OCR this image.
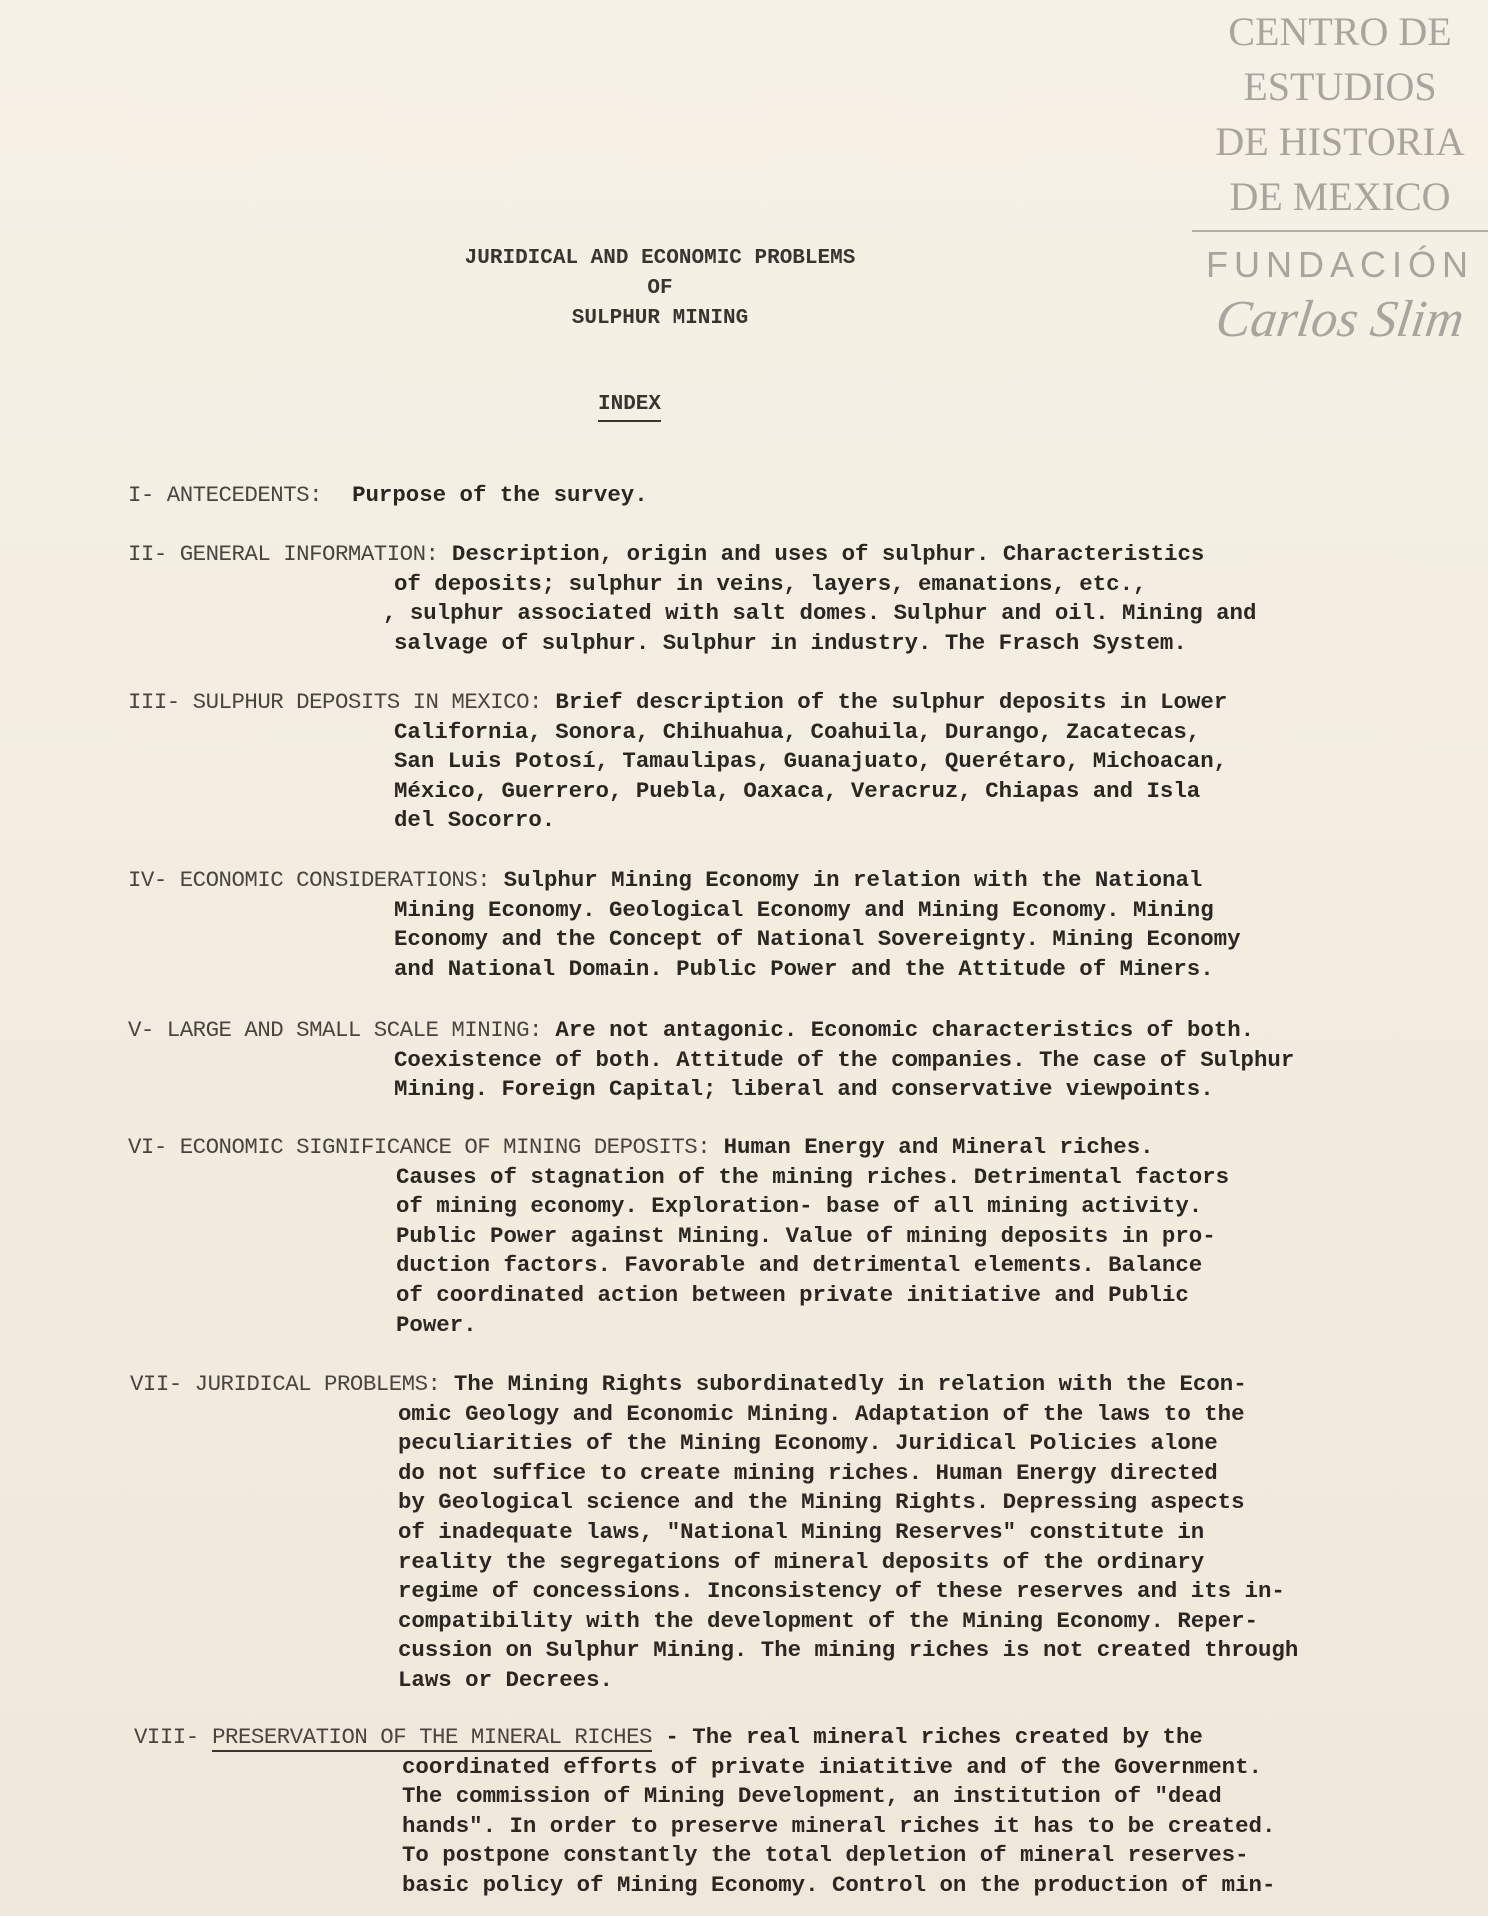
CENTRO DE
ESTUDIOS
DE HISTORIA
DE MEXICO
FUNDACIÓN
Carlos Slim
JURIDICAL AND ECONOMIC PROBLEMS
OF
SULPHUR MINING
INDEX
I- ANTECEDENTS: Purpose of the survey.
II- GENERAL INFORMATION: Description, origin and uses of sulphur. Characteristics
of deposits; sulphur in veins, layers, emanations, etc.,
, sulphur associated with salt domes. Sulphur and oil. Mining and
salvage of sulphur. Sulphur in industry. The Frasch System.
III- SULPHUR DEPOSITS IN MEXICO: Brief description of the sulphur deposits in Lower
California, Sonora, Chihuahua, Coahuila, Durango, Zacatecas,
San Luis Potosí, Tamaulipas, Guanajuato, Querétaro, Michoacan,
México, Guerrero, Puebla, Oaxaca, Veracruz, Chiapas and Isla
del Socorro.
IV- ECONOMIC CONSIDERATIONS: Sulphur Mining Economy in relation with the National
Mining Economy. Geological Economy and Mining Economy. Mining
Economy and the Concept of National Sovereignty. Mining Economy
and National Domain. Public Power and the Attitude of Miners.
V- LARGE AND SMALL SCALE MINING: Are not antagonic. Economic characteristics of both.
Coexistence of both. Attitude of the companies. The case of Sulphur
Mining. Foreign Capital; liberal and conservative viewpoints.
VI- ECONOMIC SIGNIFICANCE OF MINING DEPOSITS: Human Energy and Mineral riches.
Causes of stagnation of the mining riches. Detrimental factors
of mining economy. Exploration- base of all mining activity.
Public Power against Mining. Value of mining deposits in pro-
duction factors. Favorable and detrimental elements. Balance
of coordinated action between private initiative and Public
Power.
VII- JURIDICAL PROBLEMS: The Mining Rights subordinatedly in relation with the Econ-
omic Geology and Economic Mining. Adaptation of the laws to the
peculiarities of the Mining Economy. Juridical Policies alone
do not suffice to create mining riches. Human Energy directed
by Geological science and the Mining Rights. Depressing aspects
of inadequate laws, "National Mining Reserves" constitute in
reality the segregations of mineral deposits of the ordinary
regime of concessions. Inconsistency of these reserves and its in-
compatibility with the development of the Mining Economy. Reper-
cussion on Sulphur Mining. The mining riches is not created through
Laws or Decrees.
VIII- PRESERVATION OF THE MINERAL RICHES - The real mineral riches created by the
coordinated efforts of private iniatitive and of the Government.
The commission of Mining Development, an institution of "dead
hands". In order to preserve mineral riches it has to be created.
To postpone constantly the total depletion of mineral reserves-
basic policy of Mining Economy. Control on the production of min-
